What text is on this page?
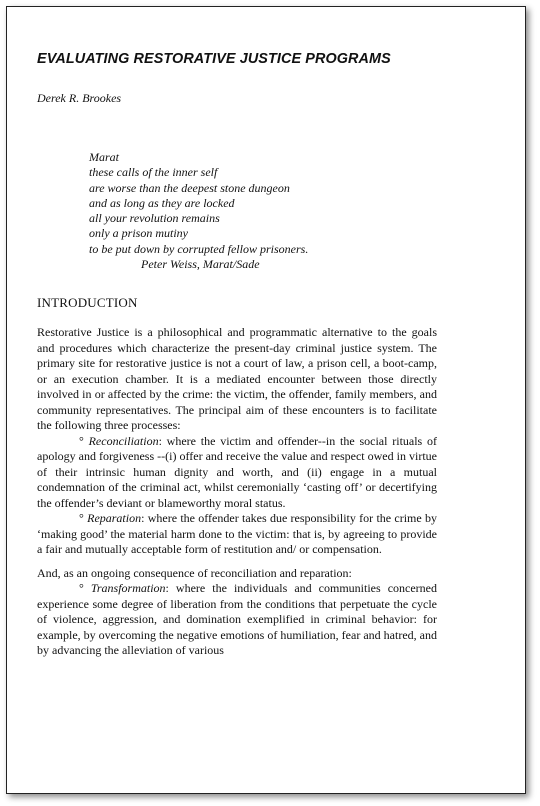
EVALUATING RESTORATIVE JUSTICE PROGRAMS
Derek R. Brookes
Marat
these calls of the inner self
are worse than the deepest stone dungeon
and as long as they are locked
all your revolution remains
only a prison mutiny
to be put down by corrupted fellow prisoners.
Peter Weiss, Marat/Sade
INTRODUCTION

Restorative Justice is a philosophical and programmatic alternative to the goals and procedures which characterize the present-day criminal justice system. The primary site for restorative justice is not a court of law, a prison cell, a boot-camp, or an execution chamber. It is a mediated encounter between those directly involved in or affected by the crime: the victim, the offender, family members, and community representatives. The principal aim of these encounters is to facilitate the following three processes:

° Reconciliation: where the victim and offender--in the social rituals of apology and forgiveness --(i) offer and receive the value and respect owed in virtue of their intrinsic human dignity and worth, and (ii) engage in a mutual condemnation of the criminal act, whilst ceremonially ‘casting off’ or decertifying the offender’s deviant or blameworthy moral status.

° Reparation: where the offender takes due responsibility for the crime by ‘making good’ the material harm done to the victim: that is, by agreeing to provide a fair and mutually acceptable form of restitution and/ or compensation.

And, as an ongoing consequence of reconciliation and reparation:

° Transformation: where the individuals and communities concerned experience some degree of liberation from the conditions that perpetuate the cycle of violence, aggression, and domination exemplified in criminal behavior: for example, by overcoming the negative emotions of humiliation, fear and hatred, and by advancing the alleviation of various
